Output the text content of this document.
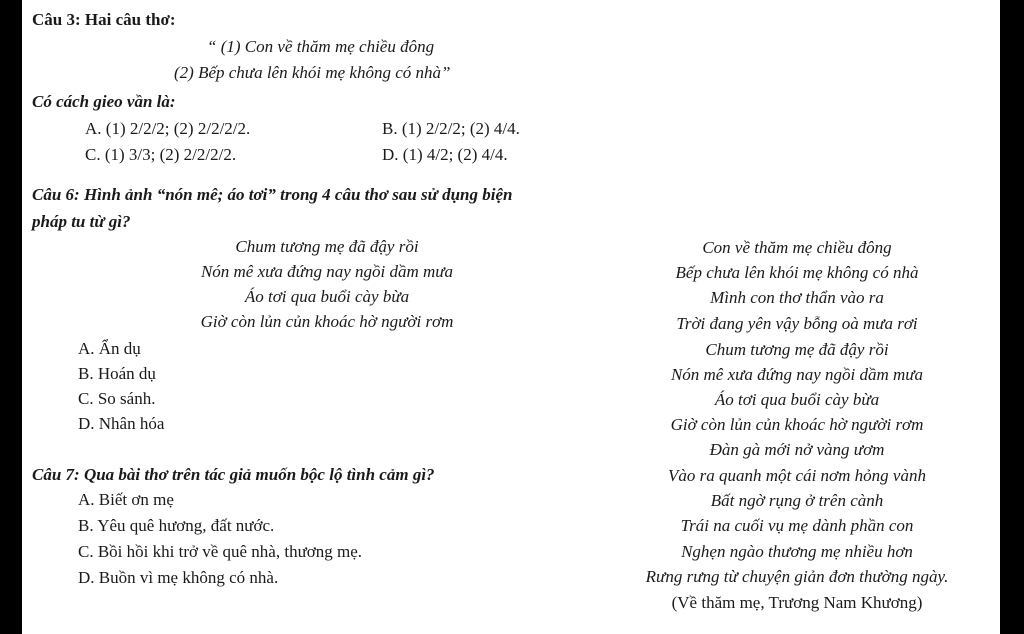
Câu 3: Hai câu thơ:
“ (1) Con về thăm mẹ chiều đông
(2) Bếp chưa lên khói mẹ không có nhà”
Có cách gieo vần là:
A. (1) 2/2/2; (2) 2/2/2/2.	B. (1) 2/2/2; (2) 4/4.
C. (1) 3/3; (2) 2/2/2/2.	D. (1) 4/2; (2) 4/4.
Câu 6: Hình ảnh “nón mê; áo tơi” trong 4 câu thơ sau sử dụng biện
pháp tu từ gì?
Chum tương mẹ đã đậy rồi
Nón mê xưa đứng nay ngồi dầm mưa
Áo tơi qua buổi cày bừa
Giờ còn lủn củn khoác hờ người rơm
A. Ẩn dụ
B. Hoán dụ
C. So sánh.
D. Nhân hóa
Câu 7: Qua bài thơ trên tác giả muốn bộc lộ tình cảm gì?
A. Biết ơn mẹ
B. Yêu quê hương, đất nước.
C. Bồi hồi khi trở về quê nhà, thương mẹ.
D. Buồn vì mẹ không có nhà.
Con về thăm mẹ chiều đông
Bếp chưa lên khói mẹ không có nhà
Mình con thơ thẩn vào ra
Trời đang yên vậy bỗng oà mưa rơi
Chum tương mẹ đã đậy rồi
Nón mê xưa đứng nay ngồi dầm mưa
Áo tơi qua buổi cày bừa
Giờ còn lủn củn khoác hờ người rơm
Đàn gà mới nở vàng ươm
Vào ra quanh một cái nơm hỏng vành
Bất ngờ rụng ở trên cành
Trái na cuối vụ mẹ dành phần con
Nghẹn ngào thương mẹ nhiều hơn
Rưng rưng từ chuyện giản đơn thường ngày.
(Về thăm mẹ, Trương Nam Khương)
